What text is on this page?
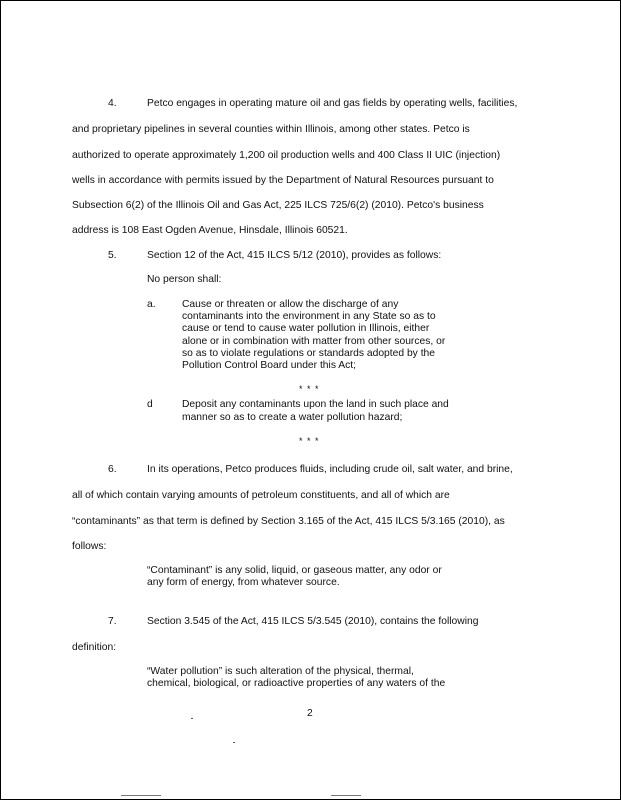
4.	Petco engages in operating mature oil and gas fields by operating wells, facilities,
and proprietary pipelines in several counties within Illinois, among other states. Petco is
authorized to operate approximately 1,200 oil production wells and 400 Class II UIC (injection)
wells in accordance with permits issued by the Department of Natural Resources pursuant to
Subsection 6(2) of the Illinois Oil and Gas Act, 225 ILCS 725/6(2) (2010). Petco's business
address is 108 East Ogden Avenue, Hinsdale, Illinois 60521.
5.	Section 12 of the Act, 415 ILCS 5/12 (2010), provides as follows:
No person shall:
a.	Cause or threaten or allow the discharge of any
contaminants into the environment in any State so as to
cause or tend to cause water pollution in Illinois, either
alone or in combination with matter from other sources, or
so as to violate regulations or standards adopted by the
Pollution Control Board under this Act;
* * *
d	Deposit any contaminants upon the land in such place and
manner so as to create a water pollution hazard;
* * *
6.	In its operations, Petco produces fluids, including crude oil, salt water, and brine,
all of which contain varying amounts of petroleum constituents, and all of which are
“contaminants” as that term is defined by Section 3.165 of the Act, 415 ILCS 5/3.165 (2010), as
follows:
“Contaminant” is any solid, liquid, or gaseous matter, any odor or
any form of energy, from whatever source.
7.	Section 3.545 of the Act, 415 ILCS 5/3.545 (2010), contains the following
definition:
“Water pollution” is such alteration of the physical, thermal,
chemical, biological, or radioactive properties of any waters of the
2
